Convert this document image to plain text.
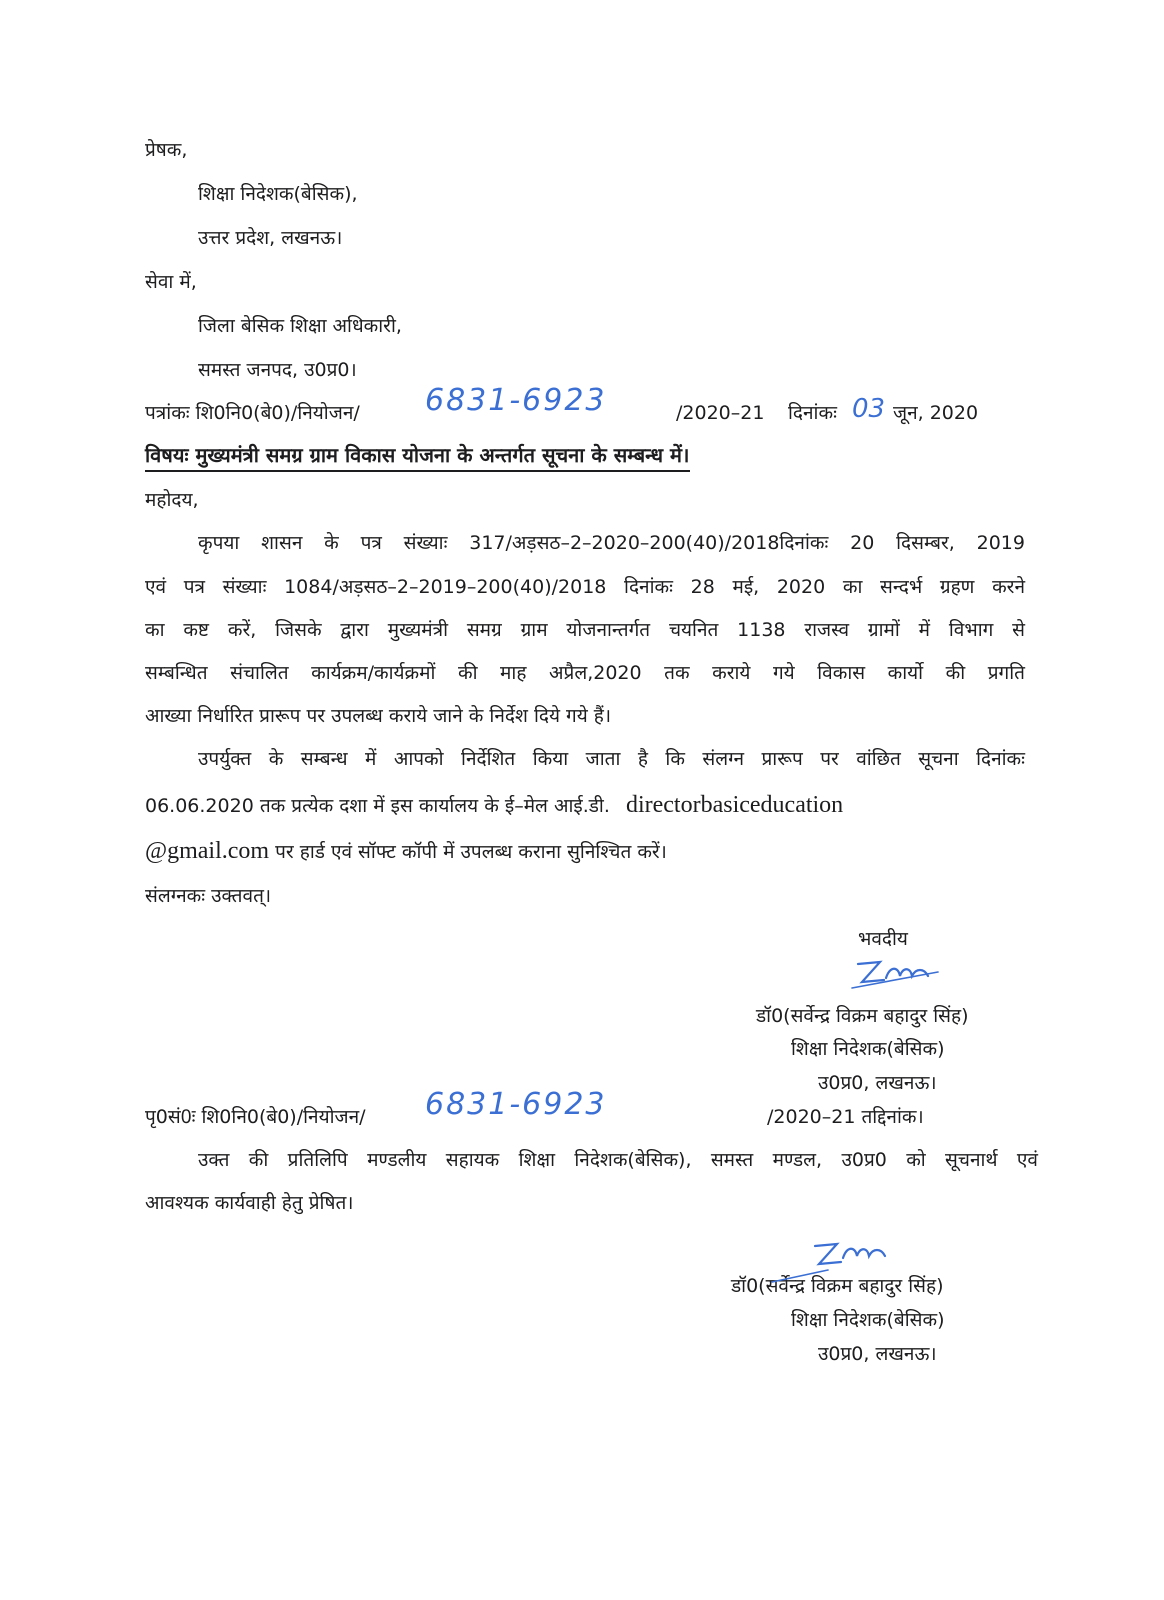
प्रेषक,
शिक्षा निदेशक(बेसिक),
उत्तर प्रदेश, लखनऊ।
सेवा में,
जिला बेसिक शिक्षा अधिकारी,
समस्त जनपद, उ0प्र0।
पत्रांकः शि0नि0(बे0)/नियोजन/ 6831-6923	/2020–21 दिनांकः 03 जून, 2020
विषयः मुख्यमंत्री समग्र ग्राम विकास योजना के अन्तर्गत सूचना के सम्बन्ध में।
महोदय,
कृपया शासन के पत्र संख्याः 317/अड़सठ–2–2020–200(40)/2018दिनांकः 20 दिसम्बर, 2019
एवं पत्र संख्याः 1084/अड़सठ–2–2019–200(40)/2018 दिनांकः 28 मई, 2020 का सन्दर्भ ग्रहण करने
का कष्ट करें, जिसके द्वारा मुख्यमंत्री समग्र ग्राम योजनान्तर्गत चयनित 1138 राजस्व ग्रामों में विभाग से
सम्बन्धित संचालित कार्यक्रम/कार्यक्रमों की माह अप्रैल,2020 तक कराये गये विकास कार्यो की प्रगति
आख्या निर्धारित प्रारूप पर उपलब्ध कराये जाने के निर्देश दिये गये हैं।
उपर्युक्त के सम्बन्ध में आपको निर्देशित किया जाता है कि संलग्न प्रारूप पर वांछित सूचना दिनांकः
06.06.2020 तक प्रत्येक दशा में इस कार्यालय के ई–मेल आई.डी. directorbasiceducation
@gmail.com पर हार्ड एवं सॉफ्ट कॉपी में उपलब्ध कराना सुनिश्चित करें।
संलग्नकः उक्तवत्।
भवदीय
डॉ0(सर्वेन्द्र विक्रम बहादुर सिंह)
शिक्षा निदेशक(बेसिक)
उ0प्र0, लखनऊ।
पृ0सं0ः शि0नि0(बे0)/नियोजन/ 6831-6923	/2020–21 तद्दिनांक।
उक्त की प्रतिलिपि मण्डलीय सहायक शिक्षा निदेशक(बेसिक), समस्त मण्डल, उ0प्र0 को सूचनार्थ एवं
आवश्यक कार्यवाही हेतु प्रेषित।
डॉ0(सर्वेन्द्र विक्रम बहादुर सिंह)
शिक्षा निदेशक(बेसिक)
उ0प्र0, लखनऊ।
